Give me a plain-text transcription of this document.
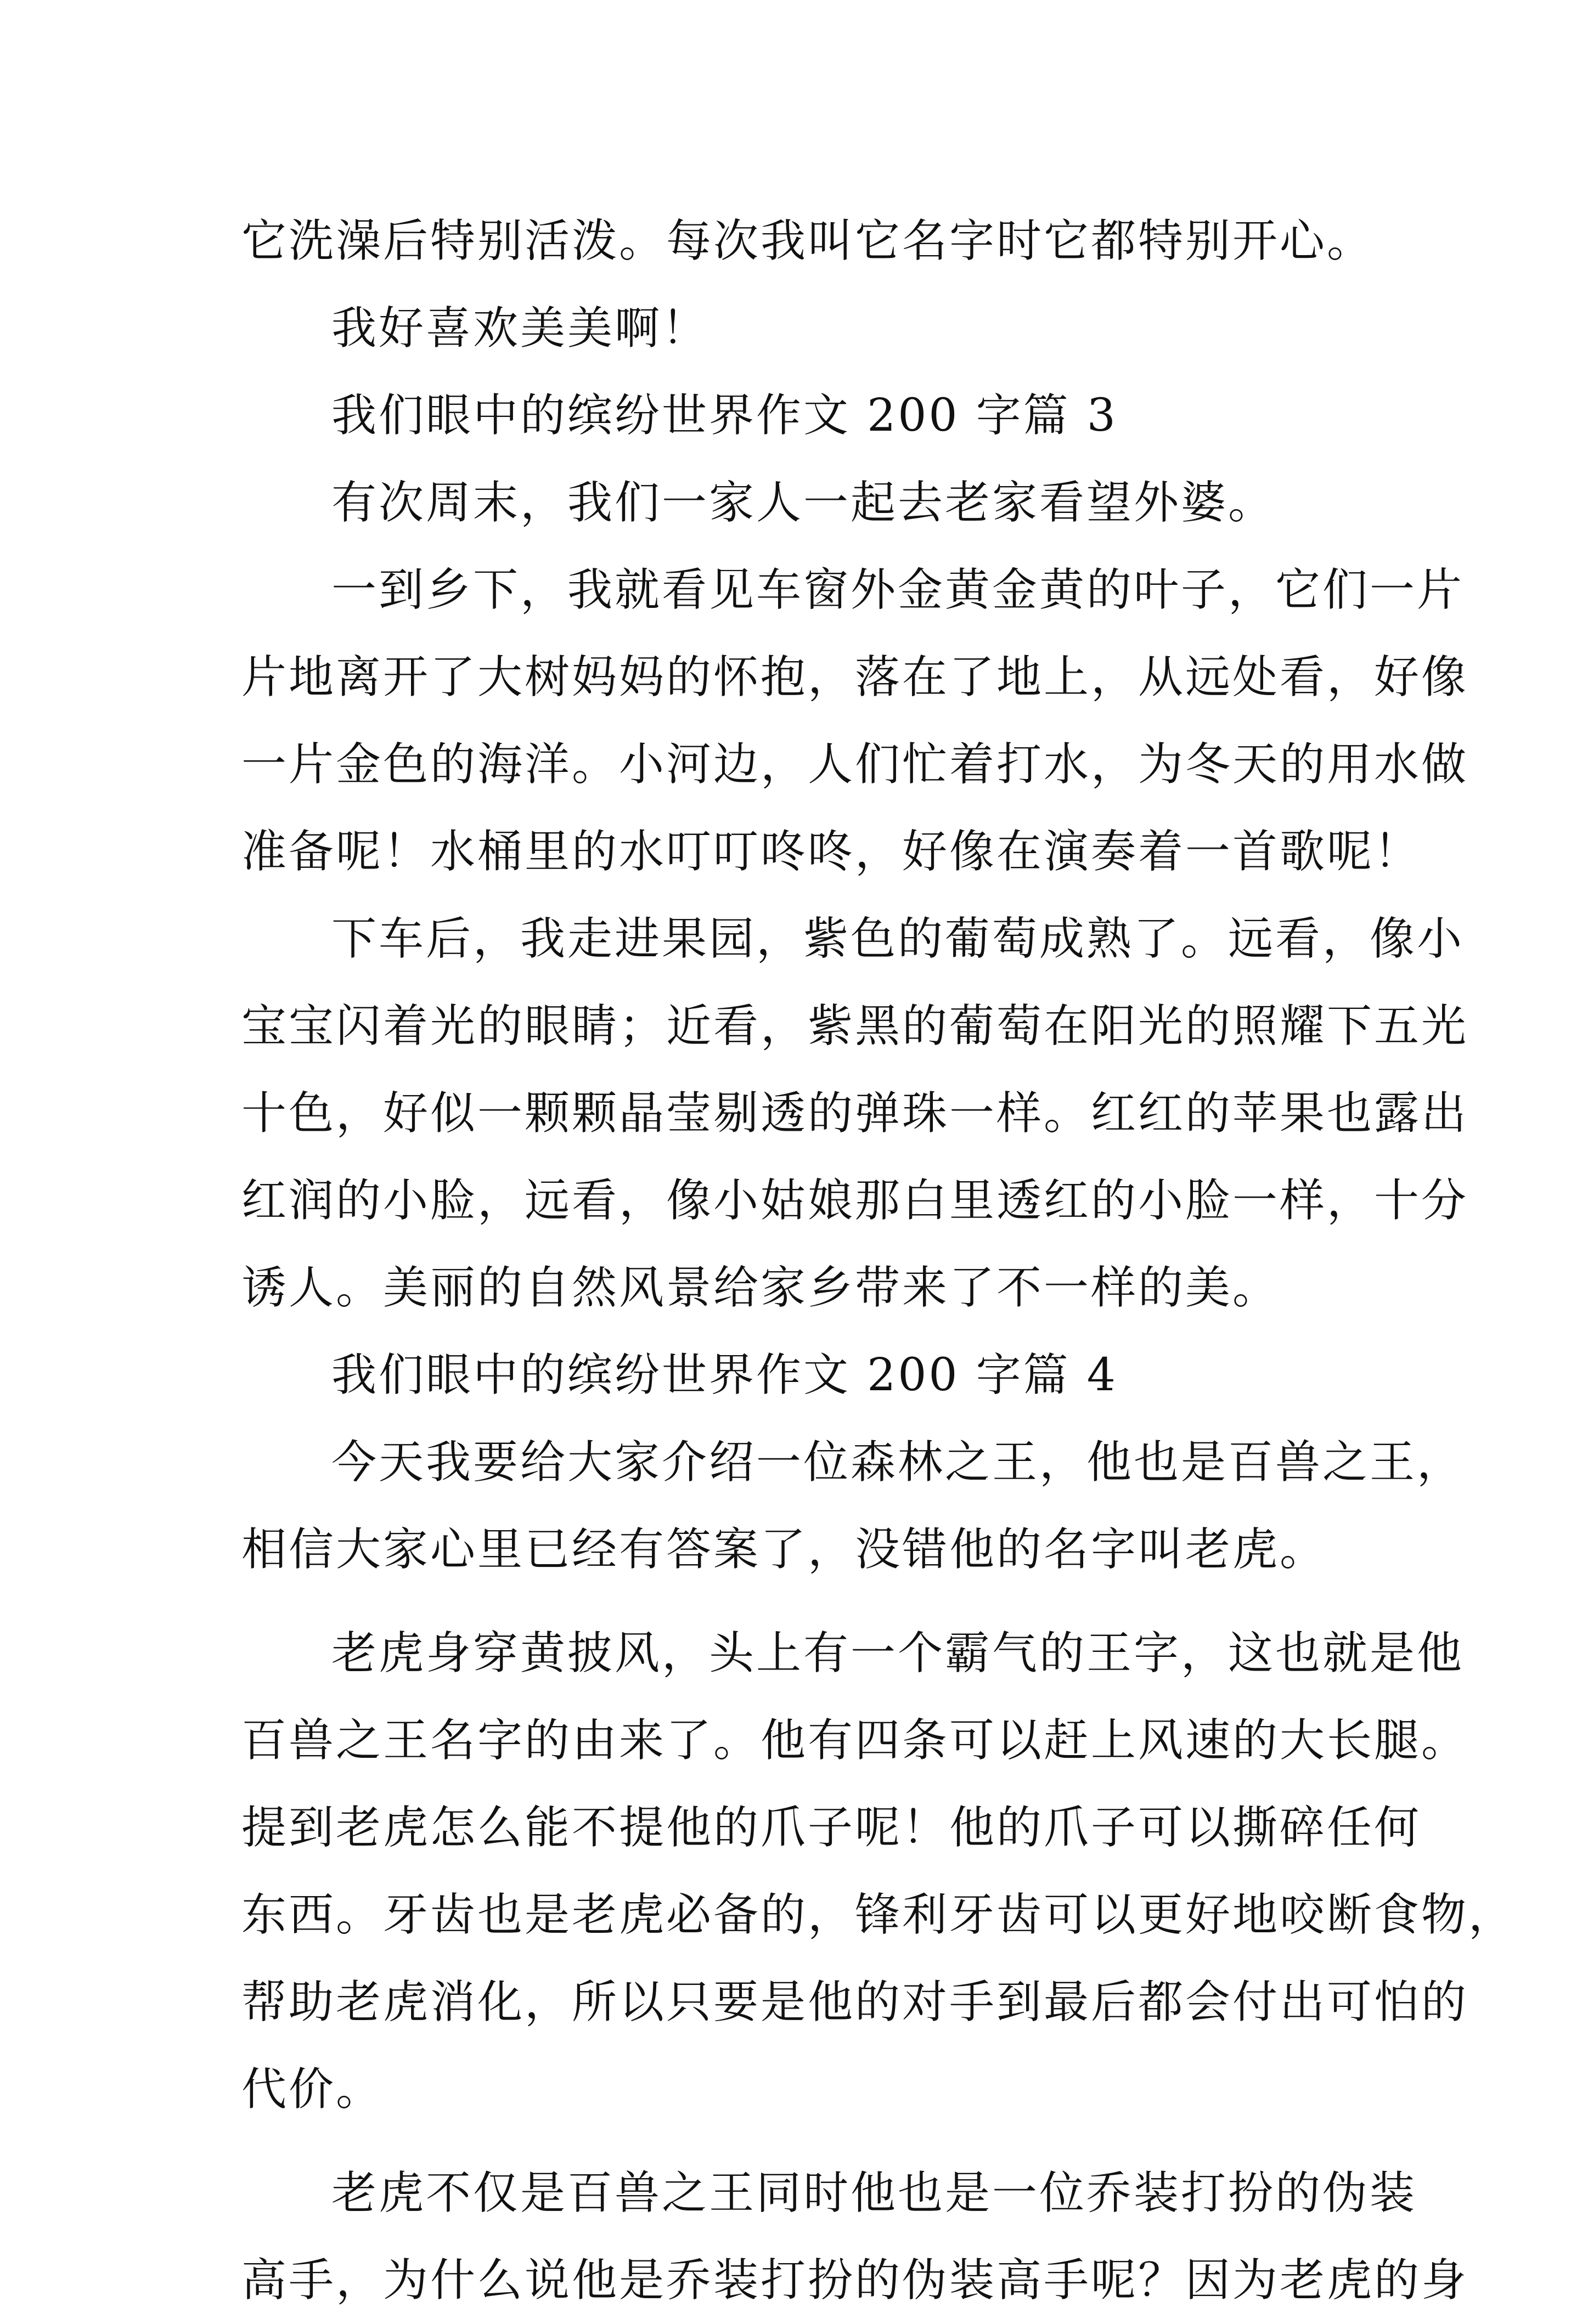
它洗澡后特别活泼。每次我叫它名字时它都特别开心。
我好喜欢美美啊！
我们眼中的缤纷世界作文 200 字篇 3
有次周末，我们一家人一起去老家看望外婆。
一到乡下，我就看见车窗外金黄金黄的叶子，它们一片
片地离开了大树妈妈的怀抱，落在了地上，从远处看，好像
一片金色的海洋。小河边，人们忙着打水，为冬天的用水做
准备呢！水桶里的水叮叮咚咚，好像在演奏着一首歌呢！
下车后，我走进果园，紫色的葡萄成熟了。远看，像小
宝宝闪着光的眼睛；近看，紫黑的葡萄在阳光的照耀下五光
十色，好似一颗颗晶莹剔透的弹珠一样。红红的苹果也露出
红润的小脸，远看，像小姑娘那白里透红的小脸一样，十分
诱人。美丽的自然风景给家乡带来了不一样的美。
我们眼中的缤纷世界作文 200 字篇 4
今天我要给大家介绍一位森林之王，他也是百兽之王，
相信大家心里已经有答案了，没错他的名字叫老虎。
老虎身穿黄披风，头上有一个霸气的王字，这也就是他
百兽之王名字的由来了。他有四条可以赶上风速的大长腿。
提到老虎怎么能不提他的爪子呢！他的爪子可以撕碎任何
东西。牙齿也是老虎必备的，锋利牙齿可以更好地咬断食物，
帮助老虎消化，所以只要是他的对手到最后都会付出可怕的
代价。
老虎不仅是百兽之王同时他也是一位乔装打扮的伪装
高手，为什么说他是乔装打扮的伪装高手呢？因为老虎的身
